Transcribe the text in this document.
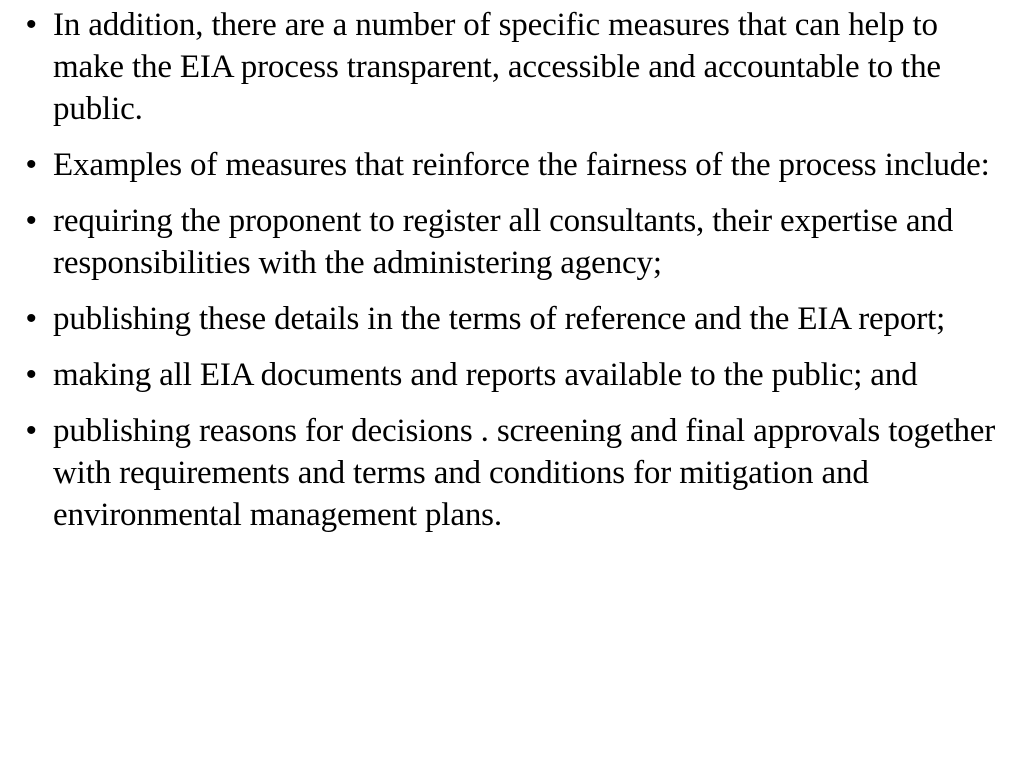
• In addition, there are a number of specific measures that can help to make the EIA process transparent, accessible and accountable to the public.
• Examples of measures that reinforce the fairness of the process include:
• requiring the proponent to register all consultants, their expertise and responsibilities with the administering agency;
• publishing these details in the terms of reference and the EIA report;
• making all EIA documents and reports available to the public; and
• publishing reasons for decisions . screening and final approvals together with requirements and terms and conditions for mitigation and environmental management plans.
